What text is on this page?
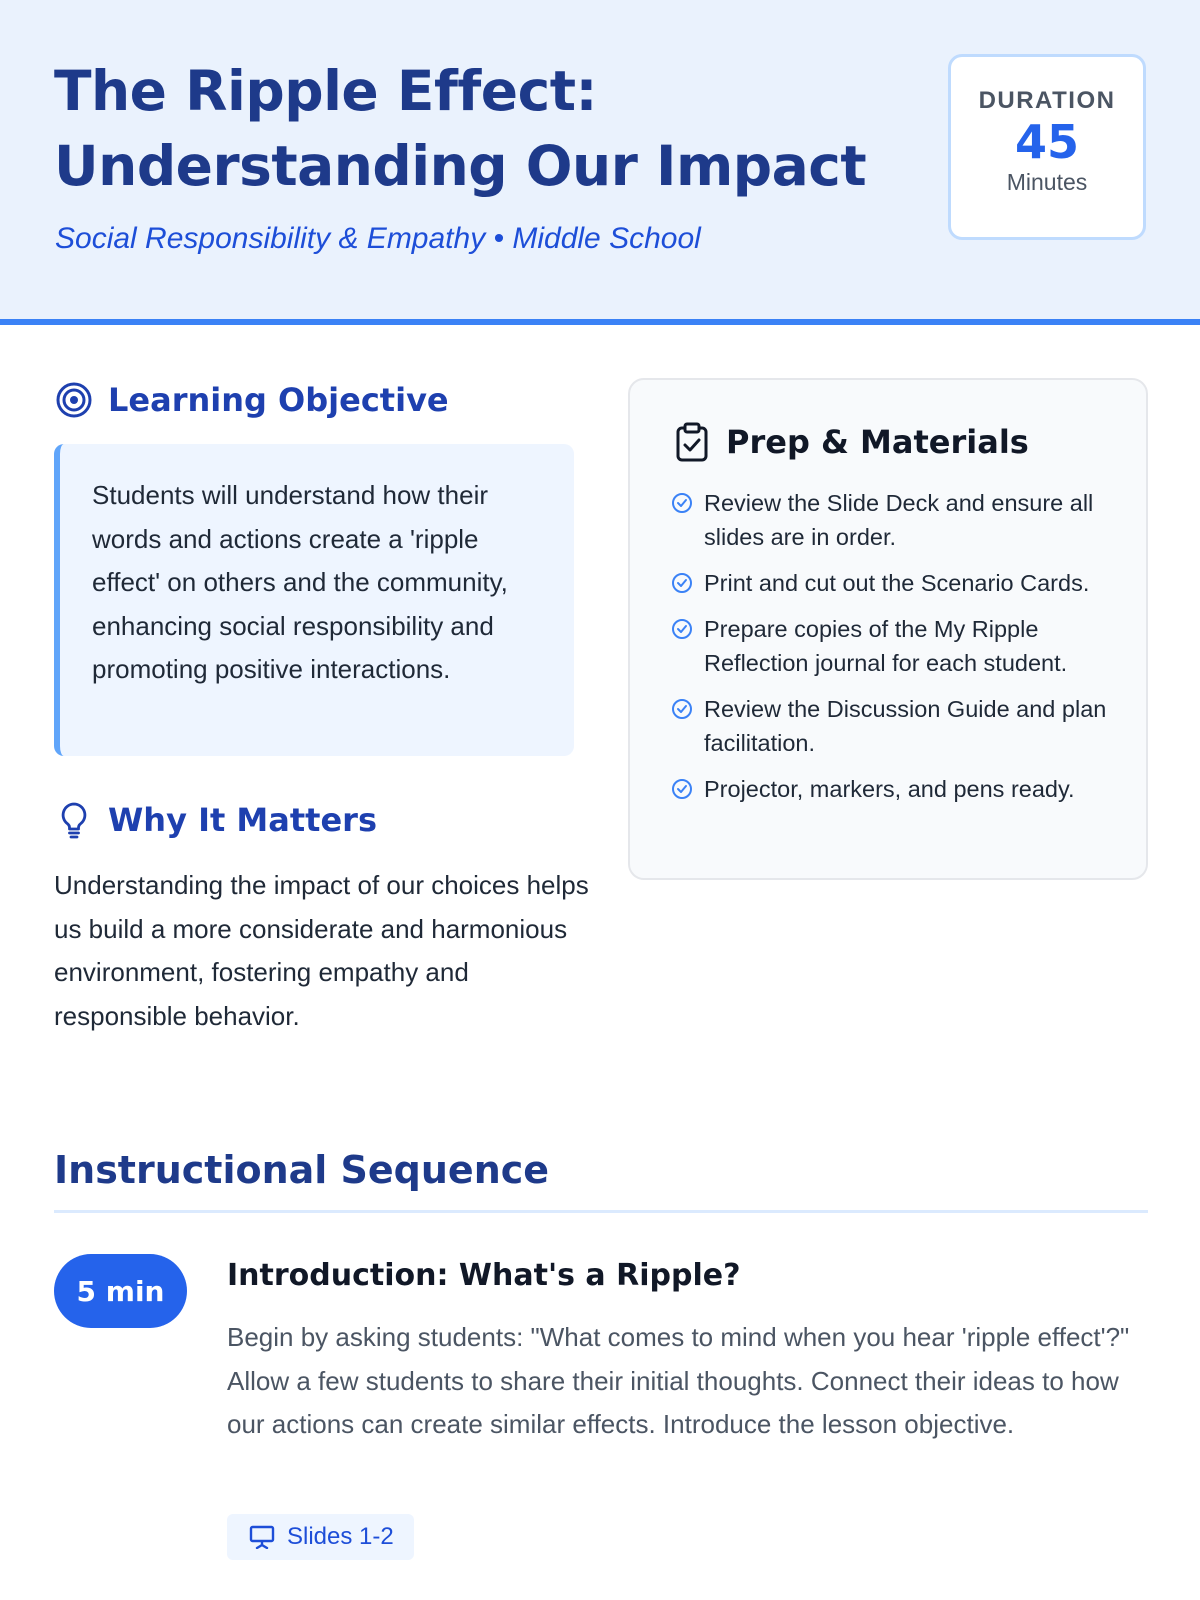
The Ripple Effect:
Understanding Our Impact
Social Responsibility & Empathy • Middle School
DURATION
45
Minutes
Learning Objective
Students will understand how their words and actions create a 'ripple effect' on others and the community, enhancing social responsibility and promoting positive interactions.
Why It Matters
Understanding the impact of our choices helps us build a more considerate and harmonious environment, fostering empathy and responsible behavior.
Prep & Materials
Review the Slide Deck and ensure all slides are in order.
Print and cut out the Scenario Cards.
Prepare copies of the My Ripple Reflection journal for each student.
Review the Discussion Guide and plan facilitation.
Projector, markers, and pens ready.
Instructional Sequence
5 min	Introduction: What's a Ripple?
Begin by asking students: "What comes to mind when you hear 'ripple effect'?" Allow a few students to share their initial thoughts. Connect their ideas to how our actions can create similar effects. Introduce the lesson objective.
Slides 1-2
